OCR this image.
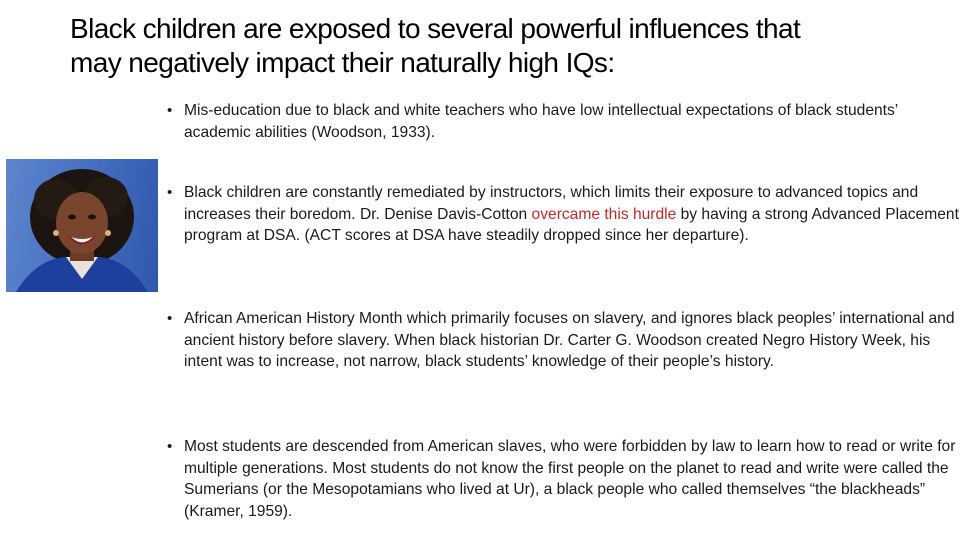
Black children are exposed to several powerful influences that
may negatively impact their naturally high IQs:
• Mis-education due to black and white teachers who have low intellectual expectations of black students’ academic abilities (Woodson, 1933).
• Black children are constantly remediated by instructors, which limits their exposure to advanced topics and increases their boredom. Dr. Denise Davis-Cotton overcame this hurdle by having a strong Advanced Placement program at DSA. (ACT scores at DSA have steadily dropped since her departure).
• African American History Month which primarily focuses on slavery, and ignores black peoples’ international and ancient history before slavery. When black historian Dr. Carter G. Woodson created Negro History Week, his intent was to increase, not narrow, black students’ knowledge of their people’s history.
• Most students are descended from American slaves, who were forbidden by law to learn how to read or write for multiple generations. Most students do not know the first people on the planet to read and write were called the Sumerians (or the Mesopotamians who lived at Ur), a black people who called themselves “the blackheads” (Kramer, 1959).
